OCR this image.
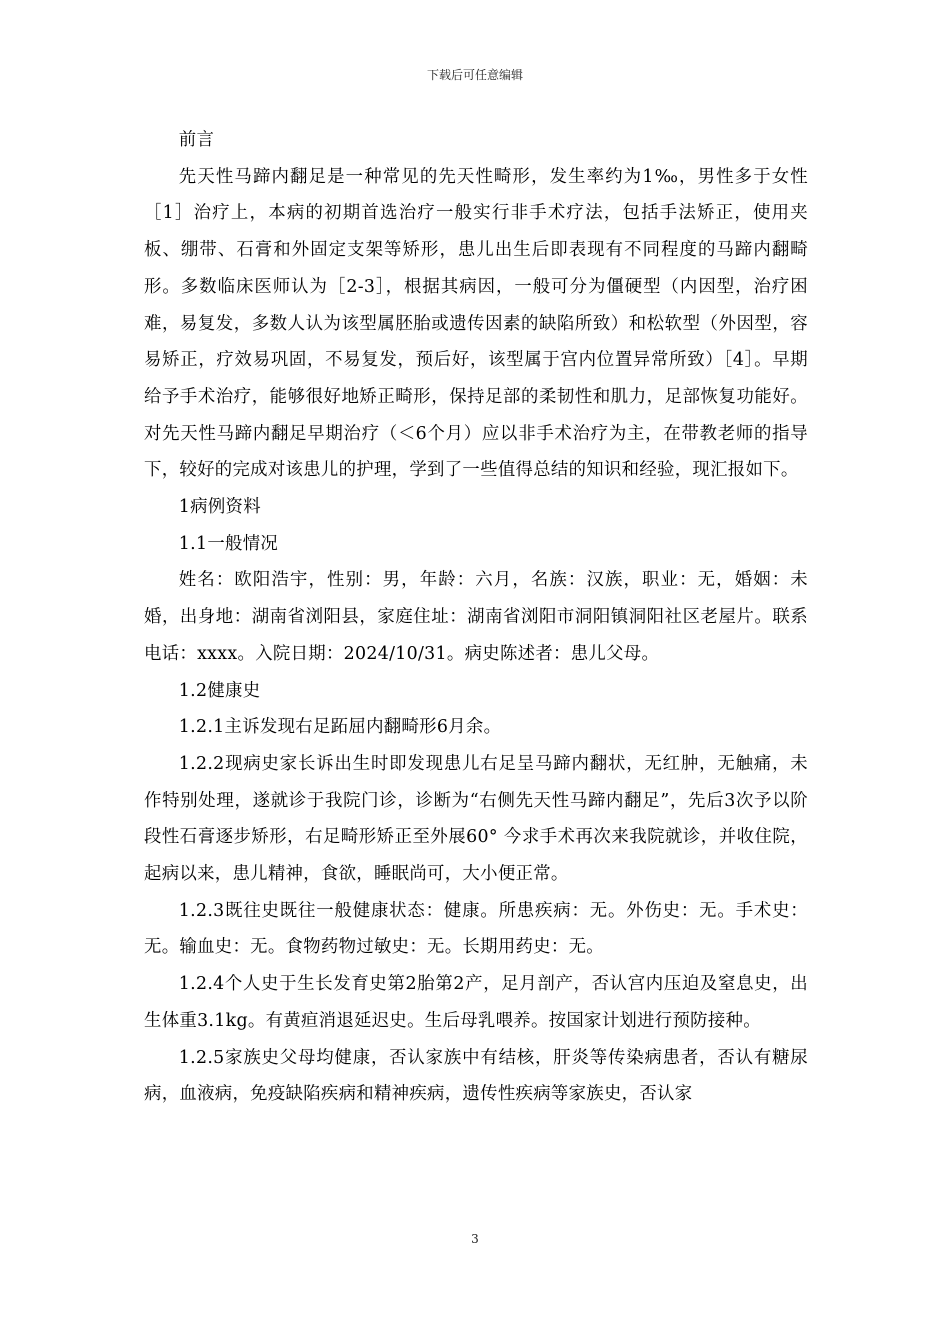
下载后可任意编辑

前言

先天性马蹄内翻足是一种常见的先天性畸形，发生率约为1‰，男性多于女性［1］治疗上，本病的初期首选治疗一般实行非手术疗法，包括手法矫正，使用夹板、绷带、石膏和外固定支架等矫形，患儿出生后即表现有不同程度的马蹄内翻畸形。多数临床医师认为［2-3］，根据其病因，一般可分为僵硬型（内因型，治疗困难，易复发，多数人认为该型属胚胎或遗传因素的缺陷所致）和松软型（外因型，容易矫正，疗效易巩固，不易复发，预后好，该型属于宫内位置异常所致）［4］。早期给予手术治疗，能够很好地矫正畸形，保持足部的柔韧性和肌力，足部恢复功能好。对先天性马蹄内翻足早期治疗（＜6个月）应以非手术治疗为主，在带教老师的指导下，较好的完成对该患儿的护理，学到了一些值得总结的知识和经验，现汇报如下。

1病例资料

1.1一般情况

姓名：欧阳浩宇，性别：男，年龄：六月，名族：汉族，职业：无，婚姻：未婚，出身地：湖南省浏阳县，家庭住址：湖南省浏阳市洞阳镇洞阳社区老屋片。联系电话：xxxx。入院日期：2024/10/31。病史陈述者：患儿父母。

1.2健康史

1.2.1主诉发现右足跖屈内翻畸形6月余。

1.2.2现病史家长诉出生时即发现患儿右足呈马蹄内翻状，无红肿，无触痛，未作特别处理，遂就诊于我院门诊，诊断为“右侧先天性马蹄内翻足”，先后3次予以阶段性石膏逐步矫形，右足畸形矫正至外展60° 今求手术再次来我院就诊，并收住院，起病以来，患儿精神，食欲，睡眠尚可，大小便正常。

1.2.3既往史既往一般健康状态：健康。所患疾病：无。外伤史：无。手术史：无。输血史：无。食物药物过敏史：无。长期用药史：无。

1.2.4个人史于生长发育史第2胎第2产，足月剖产，否认宫内压迫及窒息史，出生体重3.1kg。有黄疸消退延迟史。生后母乳喂养。按国家计划进行预防接种。

1.2.5家族史父母均健康，否认家族中有结核，肝炎等传染病患者，否认有糖尿病，血液病，免疫缺陷疾病和精神疾病，遗传性疾病等家族史，否认家

3
